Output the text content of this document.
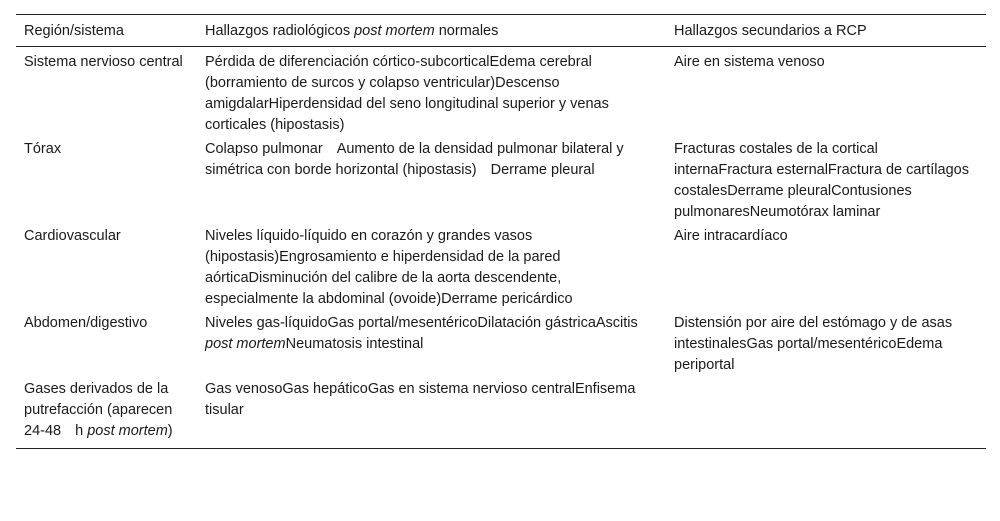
Región/sistema	Hallazgos radiológicos post mortem normales	Hallazgos secundarios a RCP
Sistema nervioso central	Pérdida de diferenciación córtico-subcorticalEdema cerebral (borramiento de surcos y colapso ventricular)Descenso amigdalarHiperdensidad del seno longitudinal superior y venas corticales (hipostasis)	Aire en sistema venoso
Tórax	Colapso pulmonar Aumento de la densidad pulmonar bilateral y simétrica con borde horizontal (hipostasis) Derrame pleural	Fracturas costales de la cortical internaFractura esternalFractura de cartílagos costalesDerrame pleuralContusiones pulmonaresNeumotórax laminar
Cardiovascular	Niveles líquido-líquido en corazón y grandes vasos (hipostasis)Engrosamiento e hiperdensidad de la pared aórticaDisminución del calibre de la aorta descendente, especialmente la abdominal (ovoide)Derrame pericárdico	Aire intracardíaco
Abdomen/digestivo	Niveles gas-líquidoGas portal/mesentéricoDilatación gástricaAscitis post mortemNeumatosis intestinal	Distensión por aire del estómago y de asas intestinalesGas portal/mesentéricoEdema periportal
Gases derivados de la putrefacción (aparecen 24-48 h post mortem)	Gas venosoGas hepáticoGas en sistema nervioso centralEnfisema tisular	
